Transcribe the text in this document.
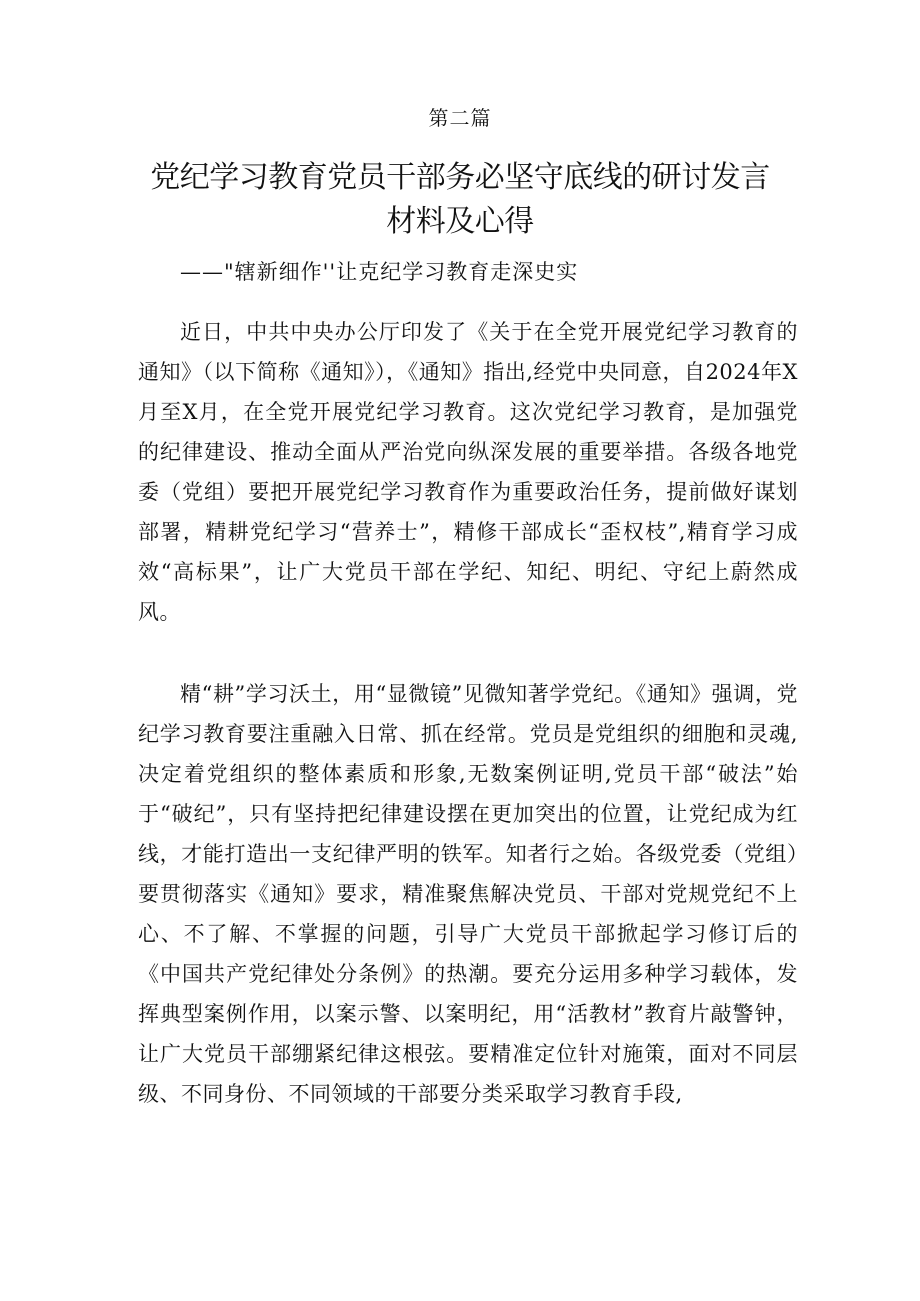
第二篇
党纪学习教育党员干部务必坚守底线的研讨发言材料及心得
——"辖新细作''让克纪学习教育走深史实

近日，中共中央办公厅印发了《关于在全党开展党纪学习教育的通知》（以下简称《通知》），《通知》指出,经党中央同意，自2024年X月至X月，在全党开展党纪学习教育。这次党纪学习教育，是加强党的纪律建设、推动全面从严治党向纵深发展的重要举措。各级各地党委（党组）要把开展党纪学习教育作为重要政治任务，提前做好谋划部署，精耕党纪学习“营养士”，精修干部成长“歪权枝”,精育学习成效“高标果”，让广大党员干部在学纪、知纪、明纪、守纪上蔚然成风。

精“耕”学习沃土，用“显微镜”见微知著学党纪。《通知》强调，党纪学习教育要注重融入日常、抓在经常。党员是党组织的细胞和灵魂,决定着党组织的整体素质和形象,无数案例证明,党员干部“破法”始于“破纪”，只有坚持把纪律建设摆在更加突出的位置，让党纪成为红线，才能打造出一支纪律严明的铁军。知者行之始。各级党委（党组）要贯彻落实《通知》要求，精准聚焦解决党员、干部对党规党纪不上心、不了解、不掌握的问题，引导广大党员干部掀起学习修订后的《中国共产党纪律处分条例》的热潮。要充分运用多种学习载体，发挥典型案例作用，以案示警、以案明纪，用“活教材”教育片敲警钟，让广大党员干部绷紧纪律这根弦。要精准定位针对施策，面对不同层级、不同身份、不同领域的干部要分类采取学习教育手段,
